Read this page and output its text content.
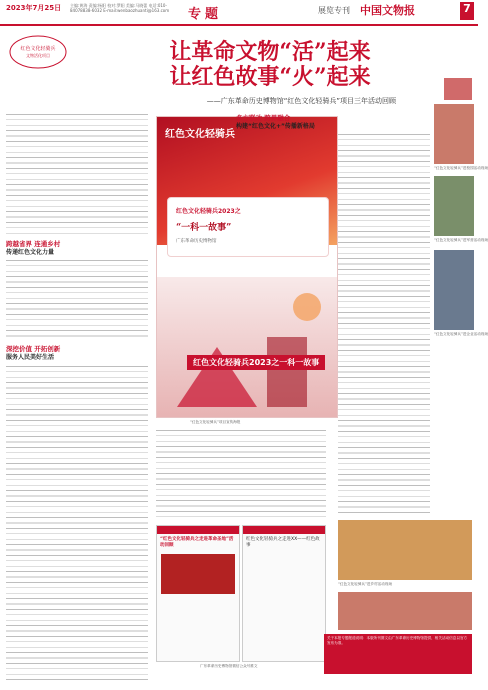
2023年7月25日 主编:黄海 责编:杨阳 校对:罗阳 美编:马晓蕾 电话:010-84078838-6032 E-mail:wenbaozhuanti@163.com	专题	展览专刊 中国文物报	7
红色文化轻骑兵
文物活化项目	让革命文物“活”起来
让红色故事“火”起来
——广东革命历史博物馆“红色文化轻骑兵”项目三年活动回顾
跨越省界 连通乡村
传递红色文化力量
深挖价值 开拓创新
服务人民美好生活
红色文化轻骑兵
红色文化轻骑兵2023之
“一科一故事”
广东革命历史博物馆
红色文化轻骑兵2023之一科一故事
“红色文化轻骑兵”项目宣传海报
“红色文化轻骑兵之走进革命圣地”活动回顾
红色文化轻骑兵之走进XX——红色故事
广东革命历史博物馆微信公众号推文
多方联动 跨界融合
构建“红色文化+”传播新格局
“红色文化轻骑兵”进校园活动现场
“红色文化轻骑兵”进军营活动现场
“红色文化轻骑兵”进企业活动现场
“红色文化轻骑兵”进乡村活动现场
关于本报专题报道说明：本版所刊图文由广东革命历史博物馆提供，相关活动信息以官方发布为准。
